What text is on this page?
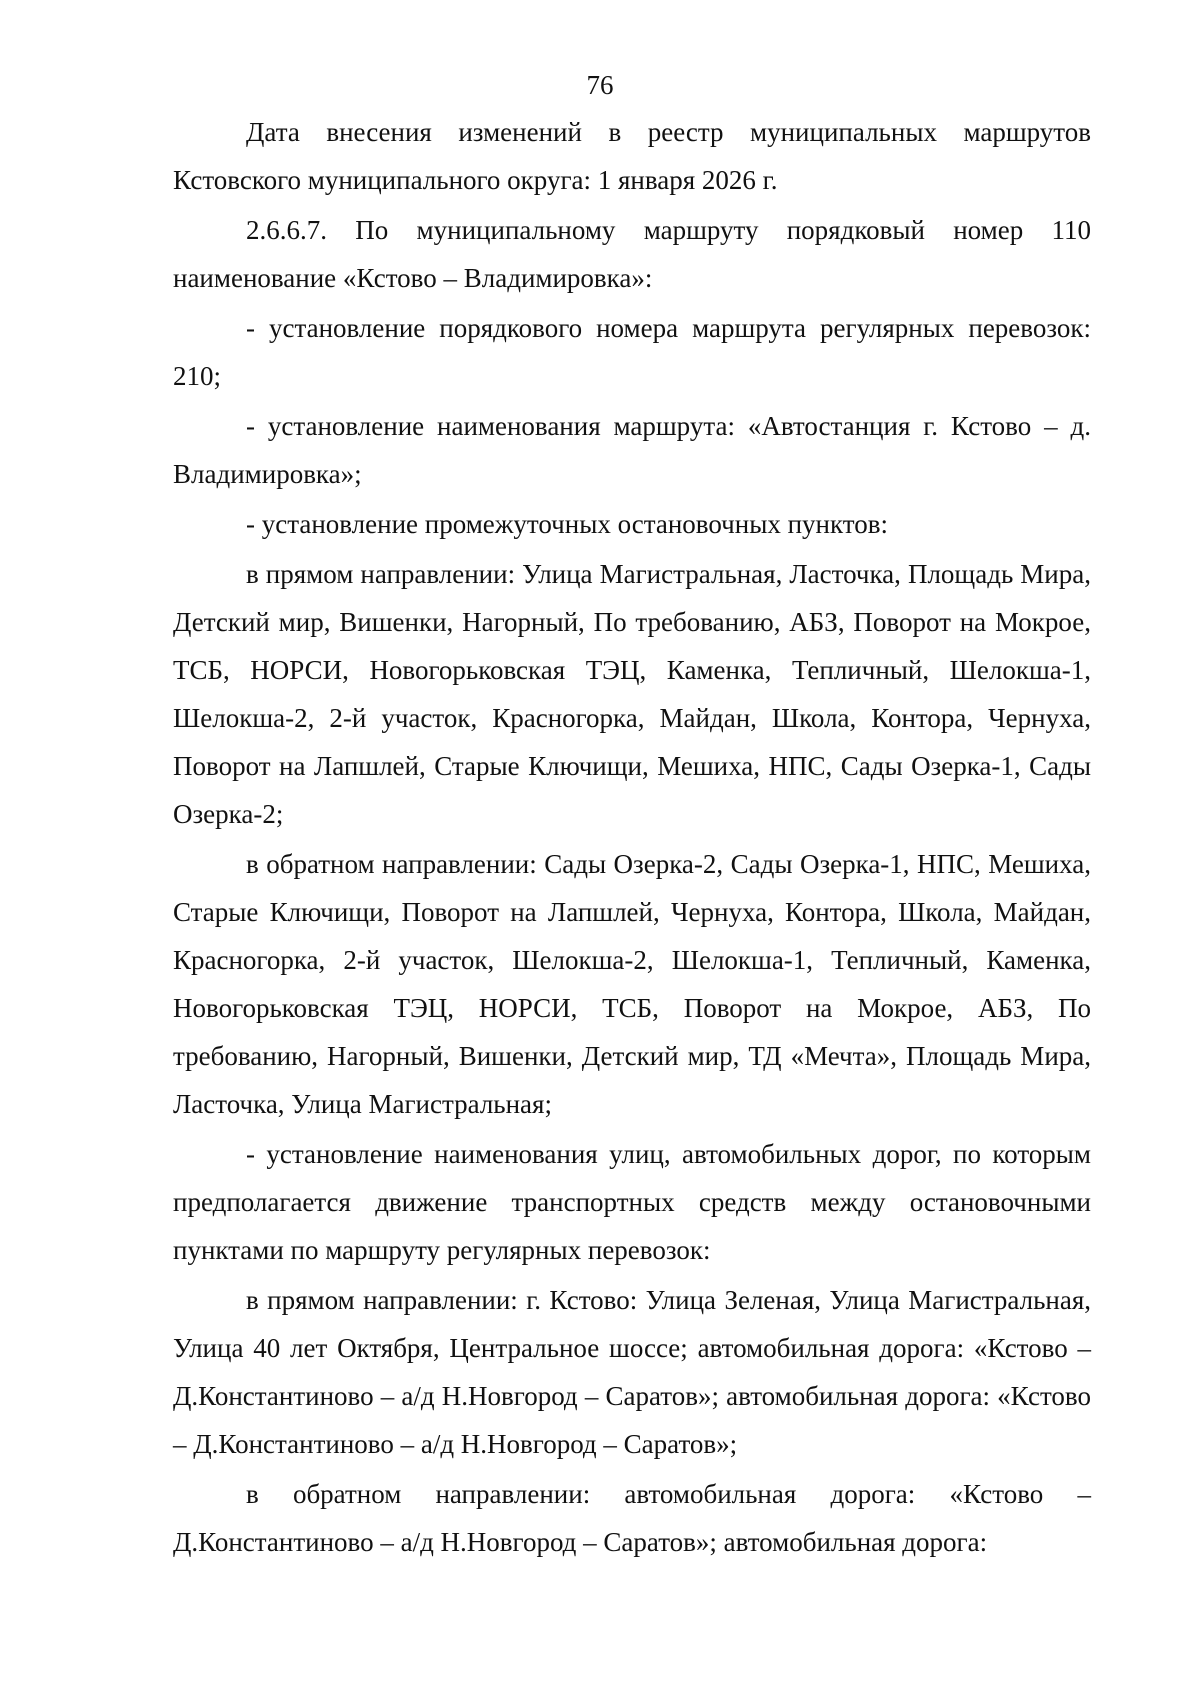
76

Дата внесения изменений в реестр муниципальных маршрутов Кстовского муниципального округа: 1 января 2026 г.

2.6.6.7. По муниципальному маршруту порядковый номер 110 наименование «Кстово – Владимировка»:

- установление порядкового номера маршрута регулярных перевозок: 210;

- установление наименования маршрута: «Автостанция г. Кстово – д. Владимировка»;

- установление промежуточных остановочных пунктов:

в прямом направлении: Улица Магистральная, Ласточка, Площадь Мира, Детский мир, Вишенки, Нагорный, По требованию, АБЗ, Поворот на Мокрое, ТСБ, НОРСИ, Новогорьковская ТЭЦ, Каменка, Тепличный, Шелокша-1, Шелокша-2, 2-й участок, Красногорка, Майдан, Школа, Контора, Чернуха, Поворот на Лапшлей, Старые Ключищи, Мешиха, НПС, Сады Озерка-1, Сады Озерка-2;

в обратном направлении: Сады Озерка-2, Сады Озерка-1, НПС, Мешиха, Старые Ключищи, Поворот на Лапшлей, Чернуха, Контора, Школа, Майдан, Красногорка, 2-й участок, Шелокша-2, Шелокша-1, Тепличный, Каменка, Новогорьковская ТЭЦ, НОРСИ, ТСБ, Поворот на Мокрое, АБЗ, По требованию, Нагорный, Вишенки, Детский мир, ТД «Мечта», Площадь Мира, Ласточка, Улица Магистральная;

- установление наименования улиц, автомобильных дорог, по которым предполагается движение транспортных средств между остановочными пунктами по маршруту регулярных перевозок:

в прямом направлении: г. Кстово: Улица Зеленая, Улица Магистральная, Улица 40 лет Октября, Центральное шоссе; автомобильная дорога: «Кстово – Д.Константиново – а/д Н.Новгород – Саратов»; автомобильная дорога: «Кстово – Д.Константиново – а/д Н.Новгород – Саратов»;

в обратном направлении: автомобильная дорога: «Кстово – Д.Константиново – а/д Н.Новгород – Саратов»; автомобильная дорога:
